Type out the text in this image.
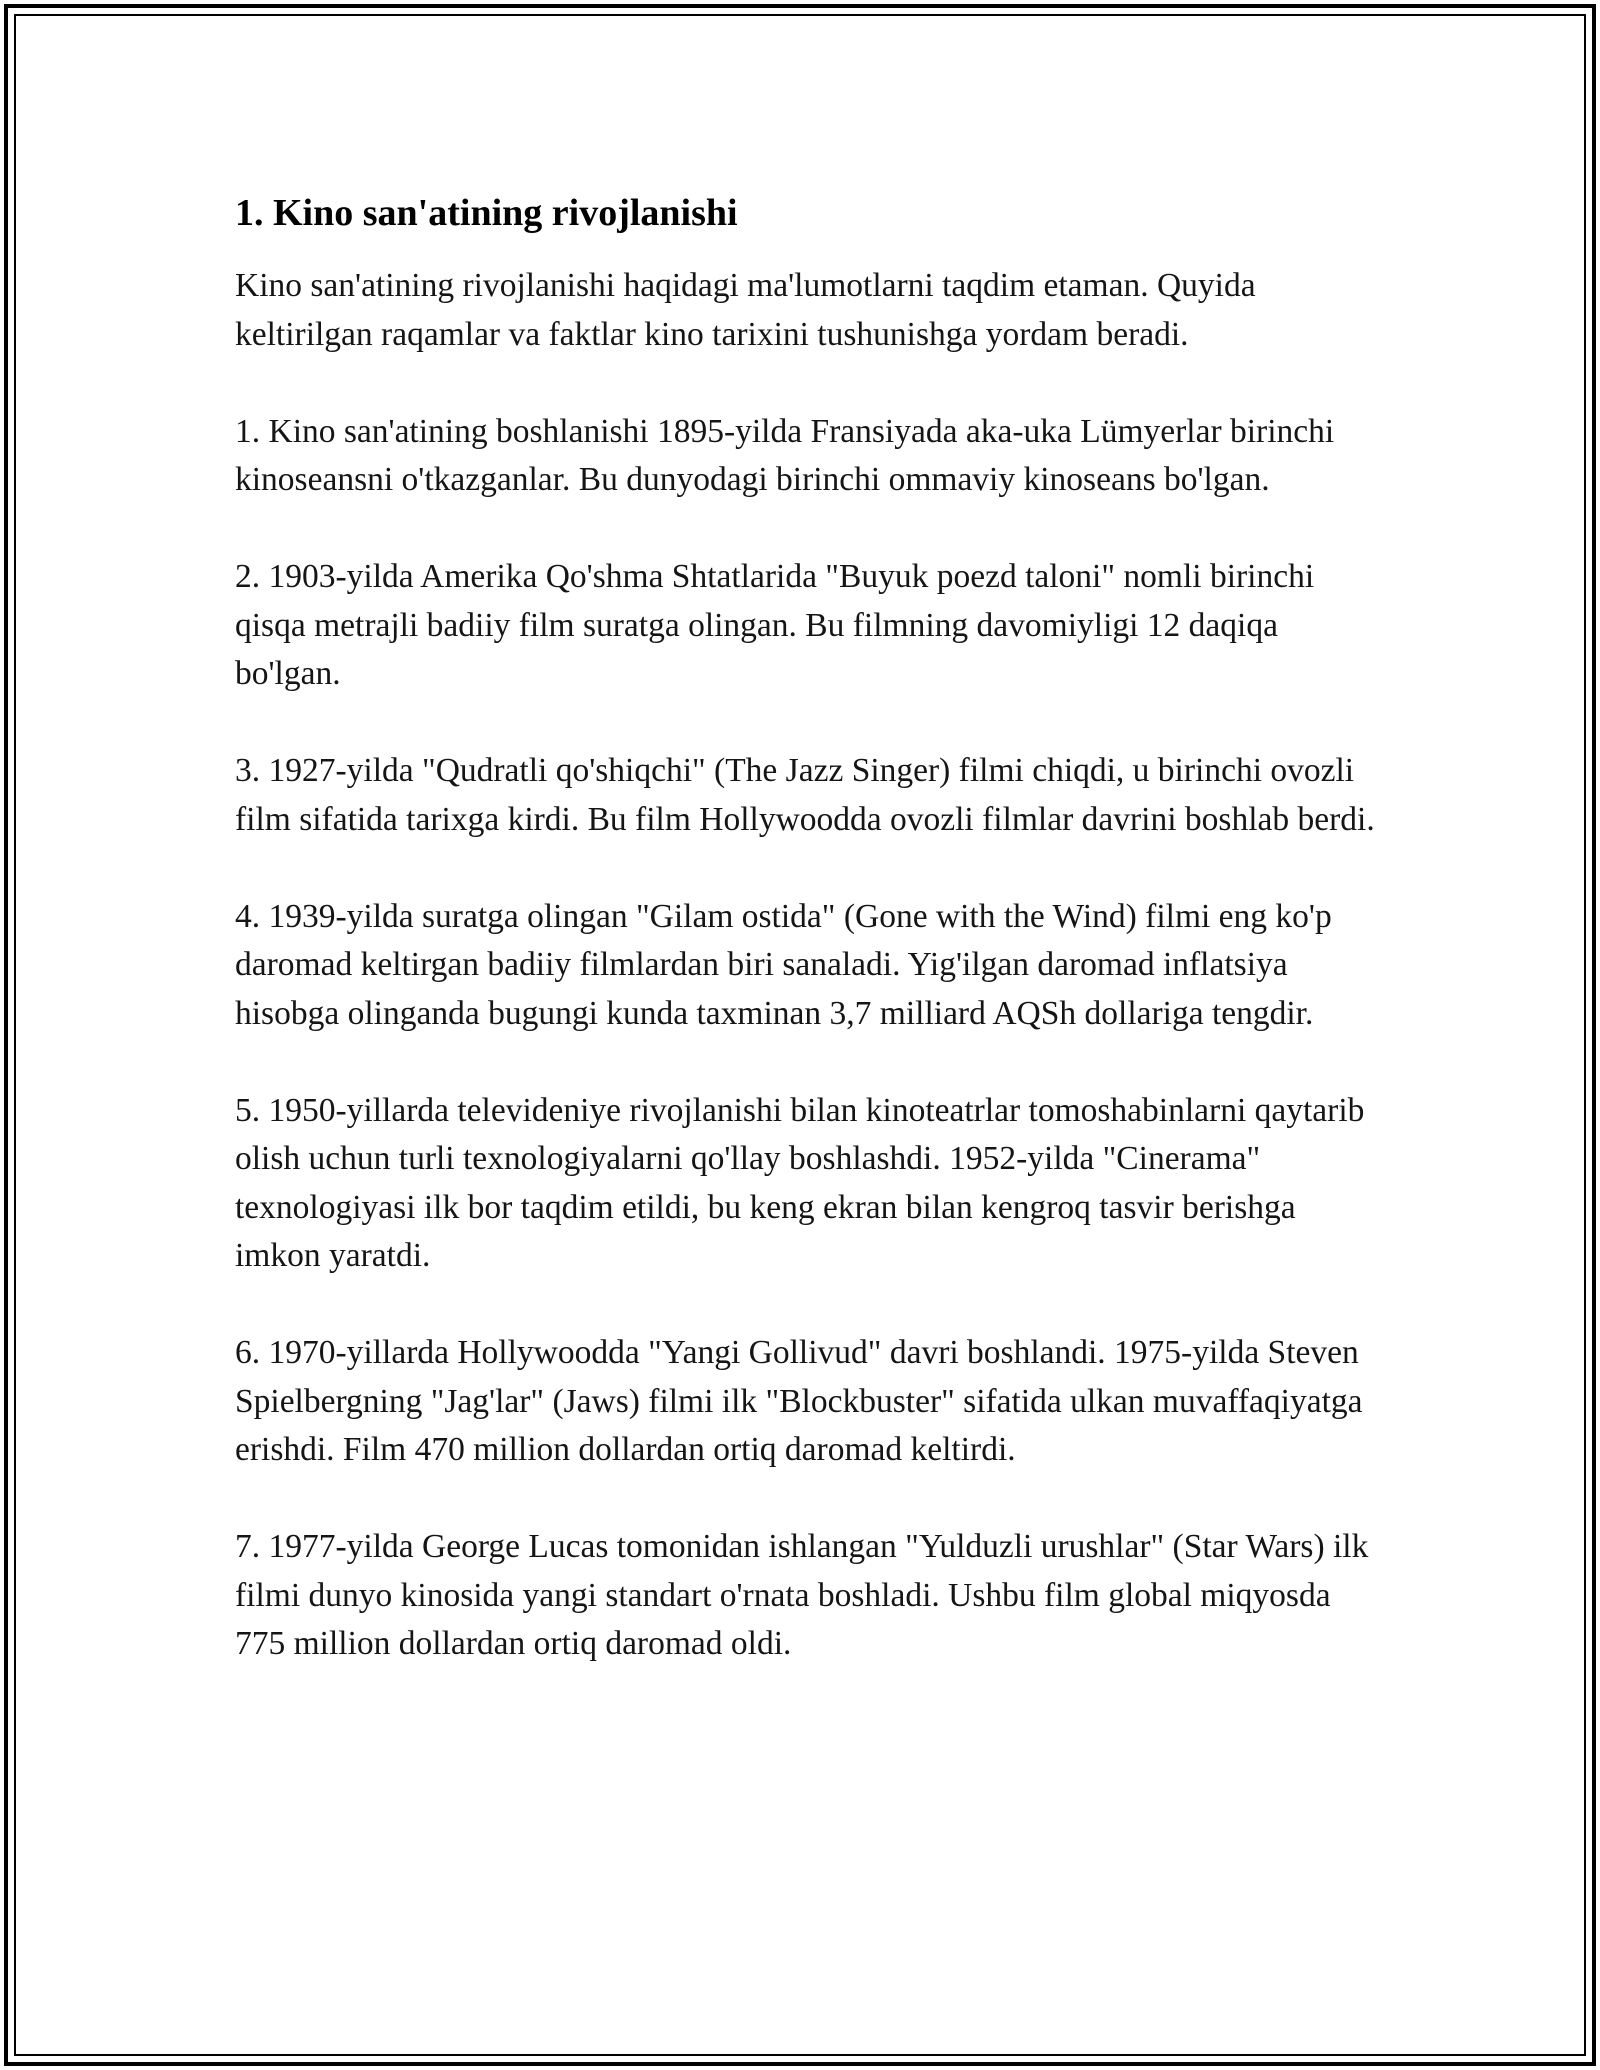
1. Kino san'atining rivojlanishi

Kino san'atining rivojlanishi haqidagi ma'lumotlarni taqdim etaman. Quyida keltirilgan raqamlar va faktlar kino tarixini tushunishga yordam beradi.

1. Kino san'atining boshlanishi 1895-yilda Fransiyada aka-uka Lümyerlar birinchi kinoseansni o'tkazganlar. Bu dunyodagi birinchi ommaviy kinoseans bo'lgan.

2. 1903-yilda Amerika Qo'shma Shtatlarida "Buyuk poezd taloni" nomli birinchi qisqa metrajli badiiy film suratga olingan. Bu filmning davomiyligi 12 daqiqa bo'lgan.

3. 1927-yilda "Qudratli qo'shiqchi" (The Jazz Singer) filmi chiqdi, u birinchi ovozli film sifatida tarixga kirdi. Bu film Hollywoodda ovozli filmlar davrini boshlab berdi.

4. 1939-yilda suratga olingan "Gilam ostida" (Gone with the Wind) filmi eng ko'p daromad keltirgan badiiy filmlardan biri sanaladi. Yig'ilgan daromad inflatsiya hisobga olinganda bugungi kunda taxminan 3,7 milliard AQSh dollariga tengdir.

5. 1950-yillarda televideniye rivojlanishi bilan kinoteatrlar tomoshabinlarni qaytarib olish uchun turli texnologiyalarni qo'llay boshlashdi. 1952-yilda "Cinerama" texnologiyasi ilk bor taqdim etildi, bu keng ekran bilan kengroq tasvir berishga imkon yaratdi.

6. 1970-yillarda Hollywoodda "Yangi Gollivud" davri boshlandi. 1975-yilda Steven Spielbergning "Jag'lar" (Jaws) filmi ilk "Blockbuster" sifatida ulkan muvaffaqiyatga erishdi. Film 470 million dollardan ortiq daromad keltirdi.

7. 1977-yilda George Lucas tomonidan ishlangan "Yulduzli urushlar" (Star Wars) ilk filmi dunyo kinosida yangi standart o'rnata boshladi. Ushbu film global miqyosda 775 million dollardan ortiq daromad oldi.
